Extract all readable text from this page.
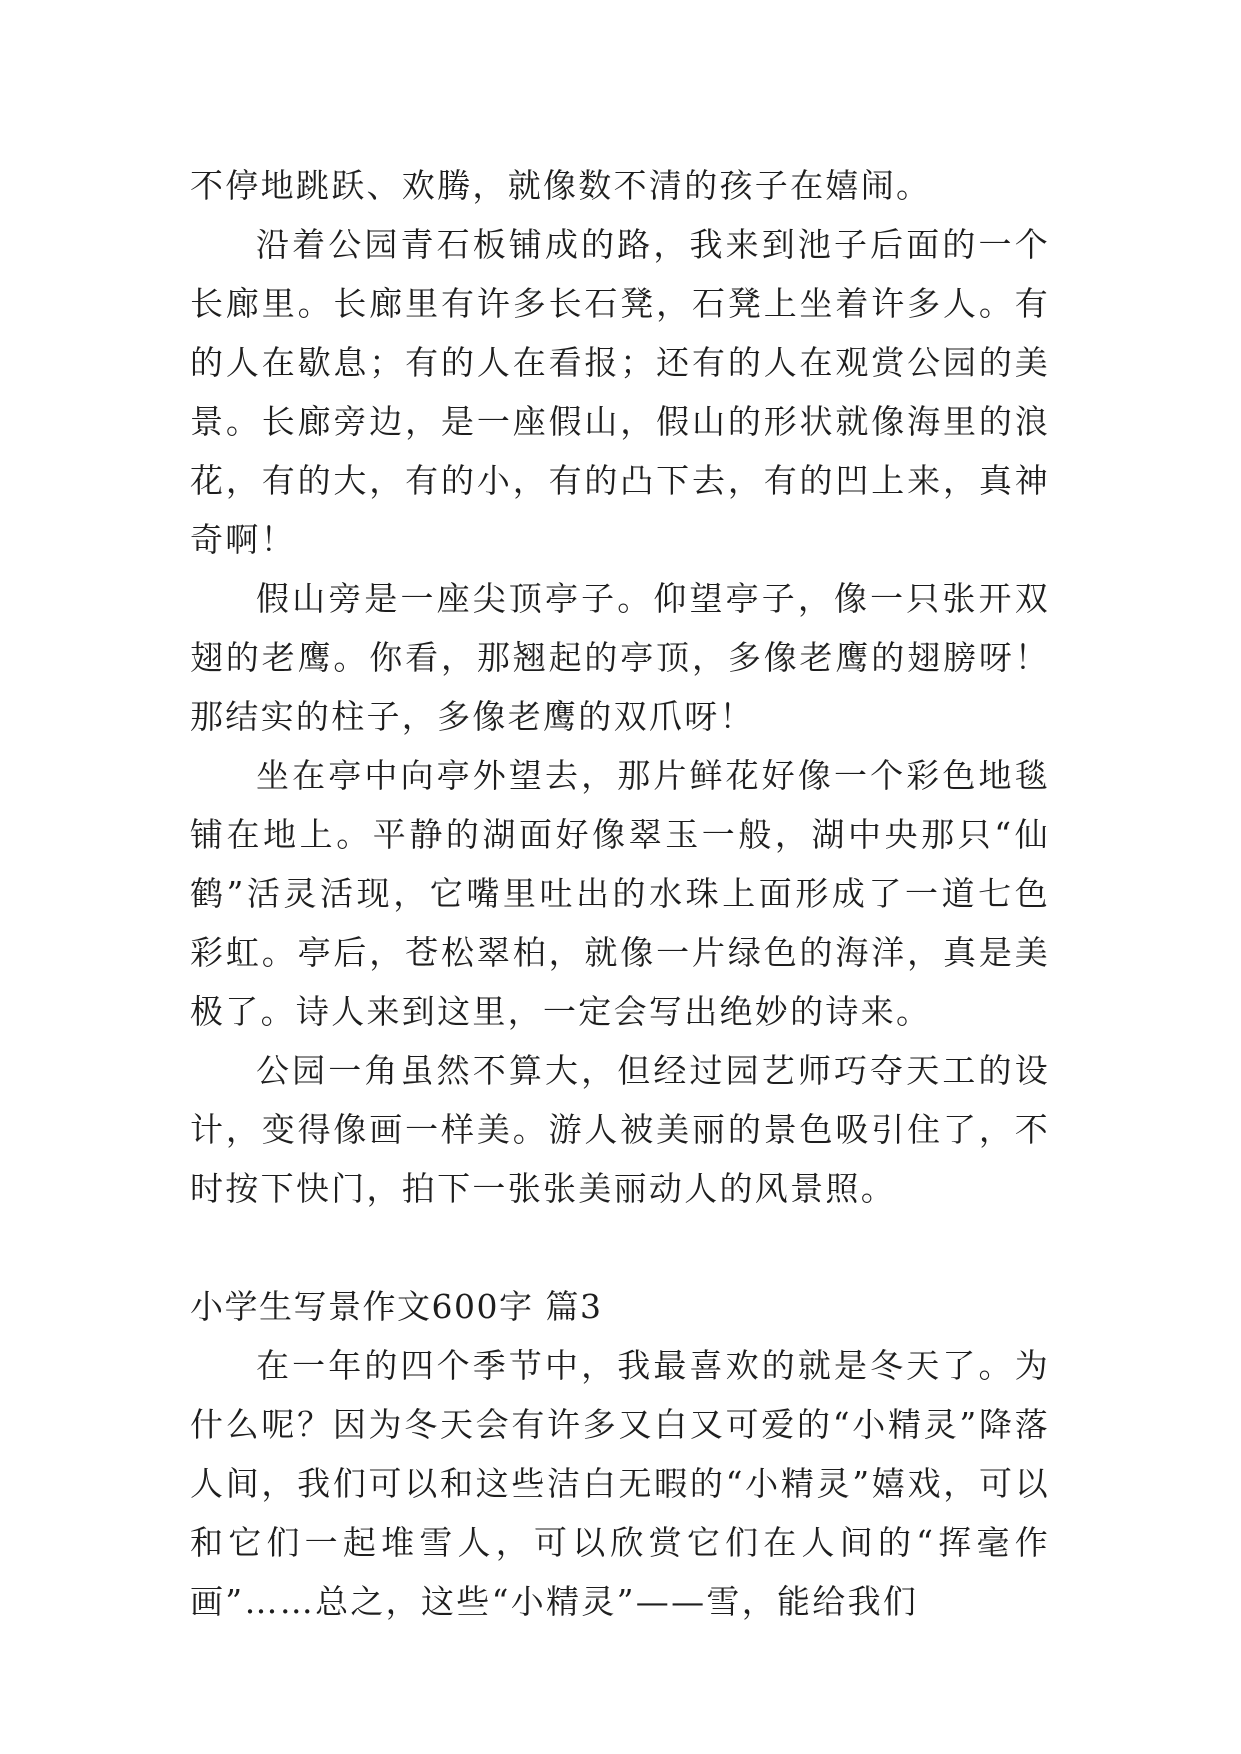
不停地跳跃、欢腾，就像数不清的孩子在嬉闹。

沿着公园青石板铺成的路，我来到池子后面的一个长廊里。长廊里有许多长石凳，石凳上坐着许多人。有的人在歇息；有的人在看报；还有的人在观赏公园的美景。长廊旁边，是一座假山，假山的形状就像海里的浪花，有的大，有的小，有的凸下去，有的凹上来，真神奇啊！

假山旁是一座尖顶亭子。仰望亭子，像一只张开双翅的老鹰。你看，那翘起的亭顶，多像老鹰的翅膀呀！那结实的柱子，多像老鹰的双爪呀！

坐在亭中向亭外望去，那片鲜花好像一个彩色地毯铺在地上。平静的湖面好像翠玉一般，湖中央那只“仙鹤”活灵活现，它嘴里吐出的水珠上面形成了一道七色彩虹。亭后，苍松翠柏，就像一片绿色的海洋，真是美极了。诗人来到这里，一定会写出绝妙的诗来。

公园一角虽然不算大，但经过园艺师巧夺天工的设计，变得像画一样美。游人被美丽的景色吸引住了，不时按下快门，拍下一张张美丽动人的风景照。

小学生写景作文600字 篇3

在一年的四个季节中，我最喜欢的就是冬天了。为什么呢？因为冬天会有许多又白又可爱的“小精灵”降落人间，我们可以和这些洁白无暇的“小精灵”嬉戏，可以和它们一起堆雪人，可以欣赏它们在人间的“挥毫作画”……总之，这些“小精灵”——雪，能给我们
